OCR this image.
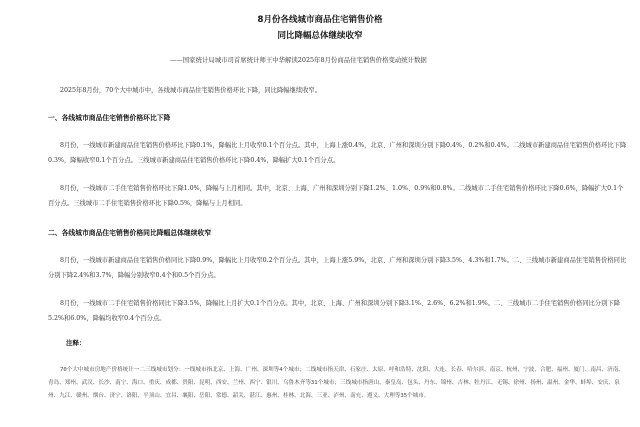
8月份各线城市商品住宅销售价格
同比降幅总体继续收窄
——国家统计局城市司首席统计师王中华解读2025年8月份商品住宅销售价格变动统计数据

2025年8月份，70个大中城市中，各线城市商品住宅销售价格环比下降，同比降幅继续收窄。

一、各线城市商品住宅销售价格环比下降

8月份，一线城市新建商品住宅销售价格环比下降0.1%，降幅比上月收窄0.1个百分点。其中，上海上涨0.4%，北京、广州和深圳分别下降0.4%、0.2%和0.4%。二线城市新建商品住宅销售价格环比下降0.3%，降幅收窄0.1个百分点。三线城市新建商品住宅销售价格环比下降0.4%，降幅扩大0.1个百分点。

8月份，一线城市二手住宅销售价格环比下降1.0%，降幅与上月相同。其中，北京、上海、广州和深圳分别下降1.2%、1.0%、0.9%和0.8%。二线城市二手住宅销售价格环比下降0.6%，降幅扩大0.1个百分点。三线城市二手住宅销售价格环比下降0.5%，降幅与上月相同。

二、各线城市商品住宅销售价格同比降幅总体继续收窄

8月份，一线城市新建商品住宅销售价格同比下降0.9%，降幅比上月收窄0.2个百分点。其中，上海上涨5.9%，北京、广州和深圳分别下降3.5%、4.3%和1.7%。二、三线城市新建商品住宅销售价格同比分别下降2.4%和3.7%，降幅分别收窄0.4个和0.5个百分点。

8月份，一线城市二手住宅销售价格同比下降3.5%，降幅比上月扩大0.1个百分点。其中，北京、上海、广州和深圳分别下降3.1%、2.6%、6.2%和1.9%。二、三线城市二手住宅销售价格同比分别下降5.2%和6.0%，降幅均收窄0.4个百分点。

注释：

70个大中城市房地产价格统计一二三线城市划分：一线城市指北京、上海、广州、深圳等4个城市；二线城市指天津、石家庄、太原、呼和浩特、沈阳、大连、长春、哈尔滨、南京、杭州、宁波、合肥、福州、厦门、南昌、济南、青岛、郑州、武汉、长沙、南宁、海口、重庆、成都、贵阳、昆明、西安、兰州、西宁、银川、乌鲁木齐等31个城市；三线城市指唐山、秦皇岛、包头、丹东、锦州、吉林、牡丹江、无锡、徐州、扬州、温州、金华、蚌埠、安庆、泉州、九江、赣州、烟台、济宁、洛阳、平顶山、宜昌、襄阳、岳阳、常德、韶关、湛江、惠州、桂林、北海、三亚、泸州、南充、遵义、大理等35个城市。
